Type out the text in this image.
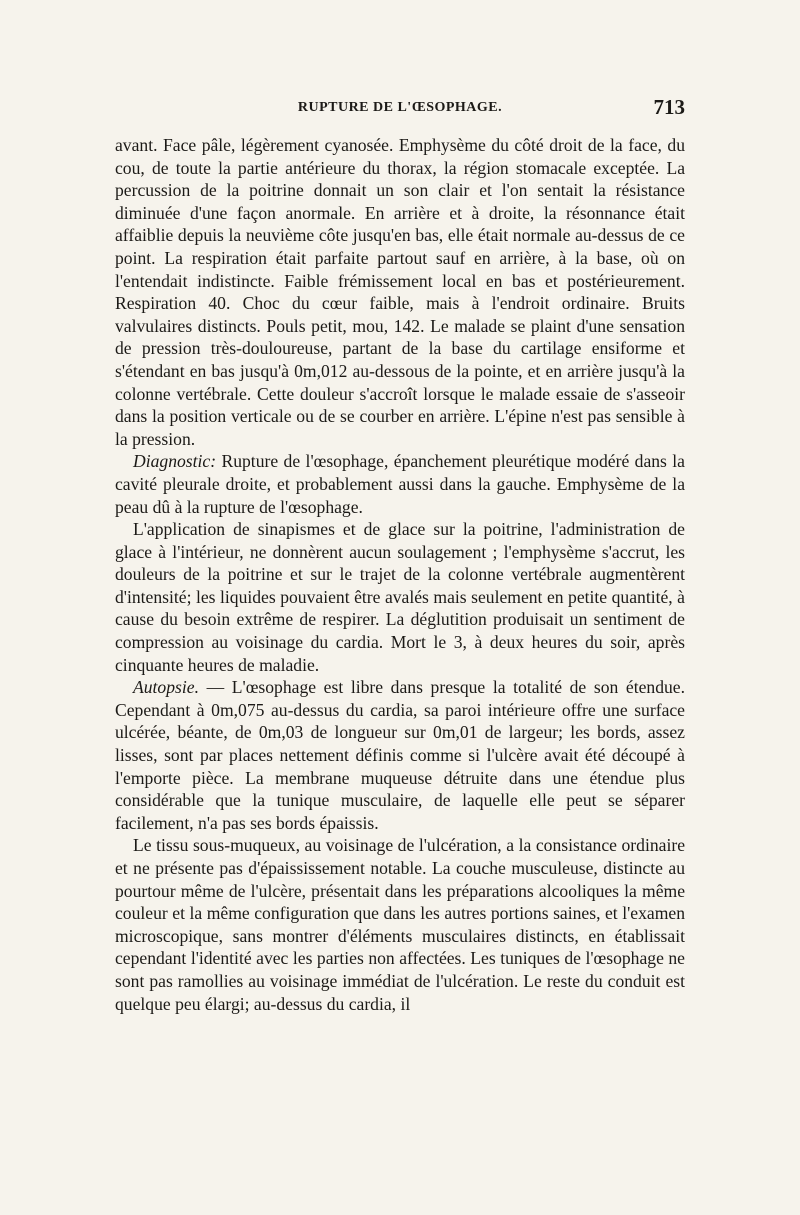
RUPTURE DE L'ŒSOPHAGE.	713

avant. Face pâle, légèrement cyanosée. Emphysème du côté droit de la face, du cou, de toute la partie antérieure du thorax, la région stomacale exceptée. La percussion de la poitrine donnait un son clair et l'on sentait la résistance diminuée d'une façon anormale. En arrière et à droite, la résonnance était affaiblie depuis la neuvième côte jusqu'en bas, elle était normale au-dessus de ce point. La respiration était parfaite partout sauf en arrière, à la base, où on l'entendait indistincte. Faible frémissement local en bas et postérieurement. Respiration 40. Choc du cœur faible, mais à l'endroit ordinaire. Bruits valvulaires distincts. Pouls petit, mou, 142. Le malade se plaint d'une sensation de pression très-douloureuse, partant de la base du cartilage ensiforme et s'étendant en bas jusqu'à 0m,012 au-dessous de la pointe, et en arrière jusqu'à la colonne vertébrale. Cette douleur s'accroît lorsque le malade essaie de s'asseoir dans la position verticale ou de se courber en arrière. L'épine n'est pas sensible à la pression.

Diagnostic: Rupture de l'œsophage, épanchement pleurétique modéré dans la cavité pleurale droite, et probablement aussi dans la gauche. Emphysème de la peau dû à la rupture de l'œsophage.

L'application de sinapismes et de glace sur la poitrine, l'administration de glace à l'intérieur, ne donnèrent aucun soulagement ; l'emphysème s'accrut, les douleurs de la poitrine et sur le trajet de la colonne vertébrale augmentèrent d'intensité; les liquides pouvaient être avalés mais seulement en petite quantité, à cause du besoin extrême de respirer. La déglutition produisait un sentiment de compression au voisinage du cardia. Mort le 3, à deux heures du soir, après cinquante heures de maladie.

Autopsie. — L'œsophage est libre dans presque la totalité de son étendue. Cependant à 0m,075 au-dessus du cardia, sa paroi intérieure offre une surface ulcérée, béante, de 0m,03 de longueur sur 0m,01 de largeur; les bords, assez lisses, sont par places nettement définis comme si l'ulcère avait été découpé à l'emporte pièce. La membrane muqueuse détruite dans une étendue plus considérable que la tunique musculaire, de laquelle elle peut se séparer facilement, n'a pas ses bords épaissis.

Le tissu sous-muqueux, au voisinage de l'ulcération, a la consistance ordinaire et ne présente pas d'épaississement notable. La couche musculeuse, distincte au pourtour même de l'ulcère, présentait dans les préparations alcooliques la même couleur et la même configuration que dans les autres portions saines, et l'examen microscopique, sans montrer d'éléments musculaires distincts, en établissait cependant l'identité avec les parties non affectées. Les tuniques de l'œsophage ne sont pas ramollies au voisinage immédiat de l'ulcération. Le reste du conduit est quelque peu élargi; au-dessus du cardia, il
